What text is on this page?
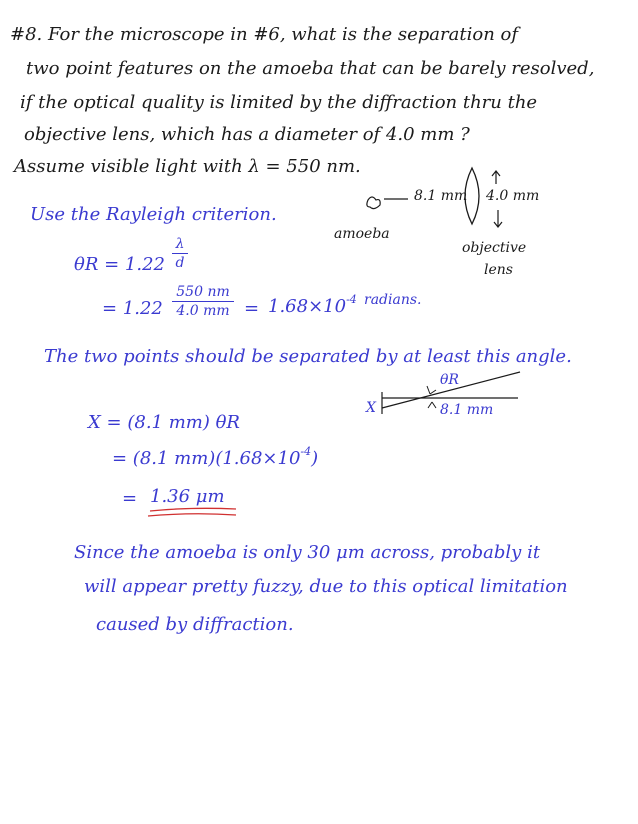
#8. For the microscope in #6, what is the separation of
two point features on the amoeba that can be barely resolved,
if the optical quality is limited by the diffraction thru the
objective lens, which has a diameter of 4.0 mm ?
Assume visible light with λ = 550 nm.
8.1 mm 4.0 mm
amoeba
objective
lens
Use the Rayleigh criterion.
θR = 1.22
λ
d
= 1.22
550 nm
4.0 mm = $1.68\times 10^{-4}$ radians.
The two points should be separated by at least this angle.
X = (8.1 mm) θR
= (8.1 $mm)(1.68\times 10^{-4})$
= 1.36 μm
θR
X	8.1 mm
Since the amoeba is only 30 μm across, probably it
will appear pretty fuzzy, due to this optical limitation
caused by diffraction.
